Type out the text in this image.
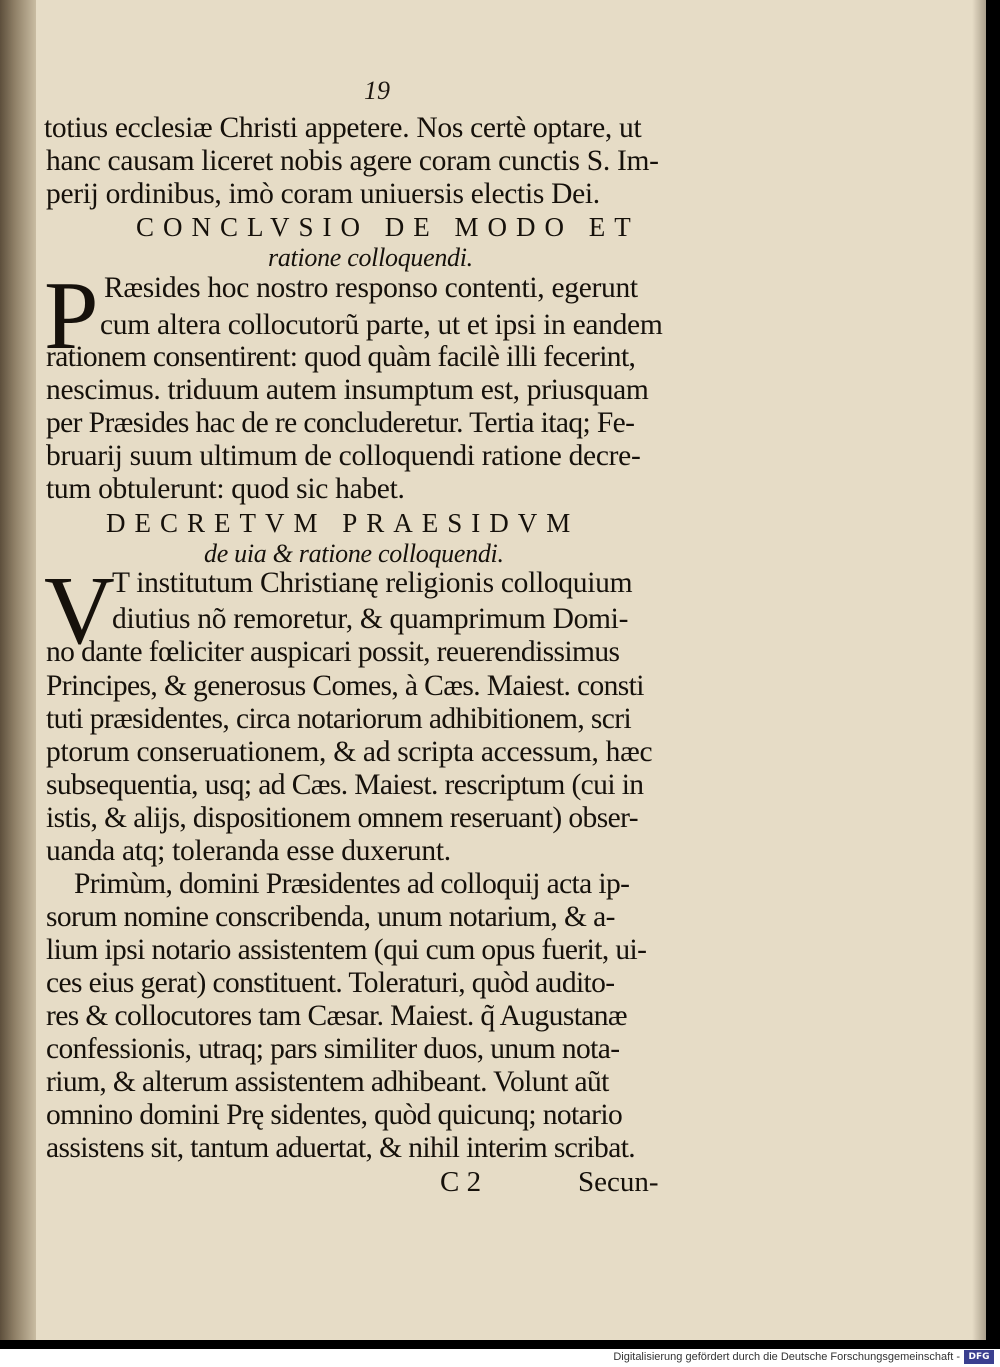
19
totius ecclesiæ Christi appetere. Nos certè optare, ut
hanc causam liceret nobis agere coram cunctis S. Im-
perij ordinibus, imò coram uniuersis electis Dei.
CONCLVSIO DE MODO ET
ratione colloquendi.
P Ræsides hoc nostro responso contenti, egerunt
cum altera collocutorũ parte, ut et ipsi in eandem
rationem consentirent: quod quàm facilè illi fecerint,
nescimus. triduum autem insumptum est, priusquam
per Præsides hac de re concluderetur. Tertia itaq; Fe-
bruarij suum ultimum de colloquendi ratione decre-
tum obtulerunt: quod sic habet.
DECRETVM PRAESIDVM
de uia & ratione colloquendi.
V
T institutum Christianę religionis colloquium
diutius nõ remoretur, & quamprimum Domi-
no dante fœliciter auspicari possit, reuerendissimus
Principes, & generosus Comes, à Cæs. Maiest. consti
tuti præsidentes, circa notariorum adhibitionem, scri
ptorum conseruationem, & ad scripta accessum, hæc
subsequentia, usq; ad Cæs. Maiest. rescriptum (cui in
istis, & alijs, dispositionem omnem reseruant) obser-
uanda atq; toleranda esse duxerunt.
Primùm, domini Præsidentes ad colloquij acta ip-
sorum nomine conscribenda, unum notarium, & a-
lium ipsi notario assistentem (qui cum opus fuerit, ui-
ces eius gerat) constituent. Toleraturi, quòd audito-
res & collocutores tam Cæsar. Maiest. q̃ Augustanæ
confessionis, utraq; pars similiter duos, unum nota-
rium, & alterum assistentem adhibeant. Volunt aũt
omnino domini Prę sidentes, quòd quicunq; notario
assistens sit, tantum aduertat, & nihil interim scribat.
C 2	Secun-
Digitalisierung gefördert durch die Deutsche Forschungsgemeinschaft - DFG
